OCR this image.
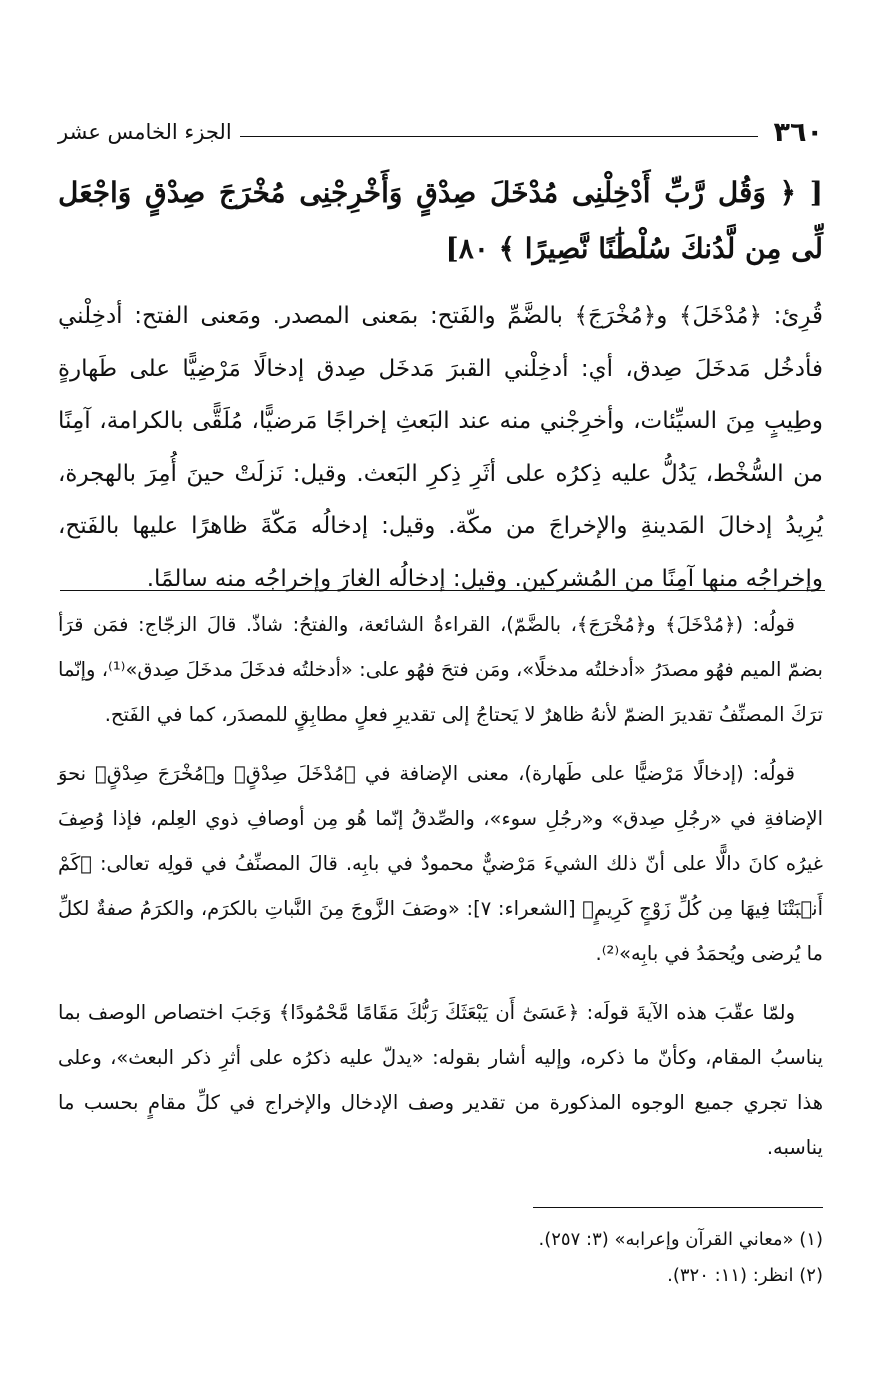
٣٦٠
الجزء الخامس عشر
[ ﴿ وَقُل رَّبِّ أَدْخِلْنِى مُدْخَلَ صِدْقٍ وَأَخْرِجْنِى مُخْرَجَ صِدْقٍ وَاجْعَل لِّى مِن لَّدُنكَ سُلْطَٰنًا نَّصِيرًا ﴾ ٨٠]
قُرِئ: ﴿مُدْخَلَ﴾ و﴿مُخْرَجَ﴾ بالضَّمِّ والفَتح: بمَعنى المصدر. ومَعنى الفتح: أدخِلْني فأدخُل مَدخَلَ صِدق، أي: أدخِلْني القبرَ مَدخَل صِدق إدخالًا مَرْضِيًّا على طَهارةٍ وطِيبٍ مِنَ السيِّئات، وأخرِجْني منه عند البَعثِ إخراجًا مَرضيًّا، مُلَقًّى بالكرامة، آمِنًا من السُّخْط، يَدُلُّ عليه ذِكرُه على أثَرِ ذِكرِ البَعث. وقيل: نَزلَتْ حينَ أُمِرَ بالهجرة، يُرِيدُ إدخالَ المَدينةِ والإخراجَ من مكّة. وقيل: إدخالُه مَكّةَ ظاهرًا عليها بالفَتح، وإخراجُه منها آمِنًا من المُشركين. وقيل: إدخالُه الغارَ وإخراجُه منه سالمًا.

قولُه: (﴿مُدْخَلَ﴾ و﴿مُخْرَجَ﴾، بالضَّمّ)، القراءةُ الشائعة، والفتحُ: شاذّ. قالَ الزجّاج: فمَن قرَأ بضمّ الميم فهُو مصدَرُ «أدخلتُه مدخلًا»، ومَن فتحَ فهُو على: «أدخلتُه فدخَلَ مدخَلَ صِدق»⁽¹⁾، وإنّما ترَكَ المصنِّفُ تقديرَ الضمّ لأنهُ ظاهرٌ لا يَحتاجُ إلى تقديرِ فعلٍ مطابِقٍ للمصدَر، كما في الفَتح.

قولُه: (إدخالًا مَرْضيًّا على طَهارة)، معنى الإضافة في ﴿مُدْخَلَ صِدْقٍ﴾ و﴿مُخْرَجَ صِدْقٍ﴾ نحوَ الإضافةِ في «رجُلِ صِدق» و«رجُلِ سوء»، والصِّدقُ إنّما هُو مِن أوصافِ ذوي العِلم، فإذا وُصِفَ غيرُه كانَ دالًّا على أنّ ذلك الشيءَ مَرْضيٌّ محمودٌ في بابِه. قالَ المصنِّفُ في قولِه تعالى: ﴿كَمْ أَنۢبَتْنَا فِيهَا مِن كُلِّ زَوْجٍ كَرِيمٍ﴾ [الشعراء: ٧]: «وصَفَ الزَّوجَ مِنَ النَّباتِ بالكرَم، والكرَمُ صفةٌ لكلِّ ما يُرضى ويُحمَدُ في بابِه»⁽²⁾.

ولمّا عقّبَ هذه الآيةَ قولَه: ﴿عَسَىٰٓ أَن يَبْعَثَكَ رَبُّكَ مَقَامًا مَّحْمُودًا﴾ وَجَبَ اختصاص الوصف بما يناسبُ المقام، وكأنّ ما ذكره، وإليه أشار بقوله: «يدلّ عليه ذكرُه على أثرِ ذكر البعث»، وعلى هذا تجري جميع الوجوه المذكورة من تقدير وصف الإدخال والإخراج في كلِّ مقامٍ بحسب ما يناسبه.

(١) «معاني القرآن وإعرابه» (٣: ٢٥٧).
(٢) انظر: (١١: ٣٢٠).
